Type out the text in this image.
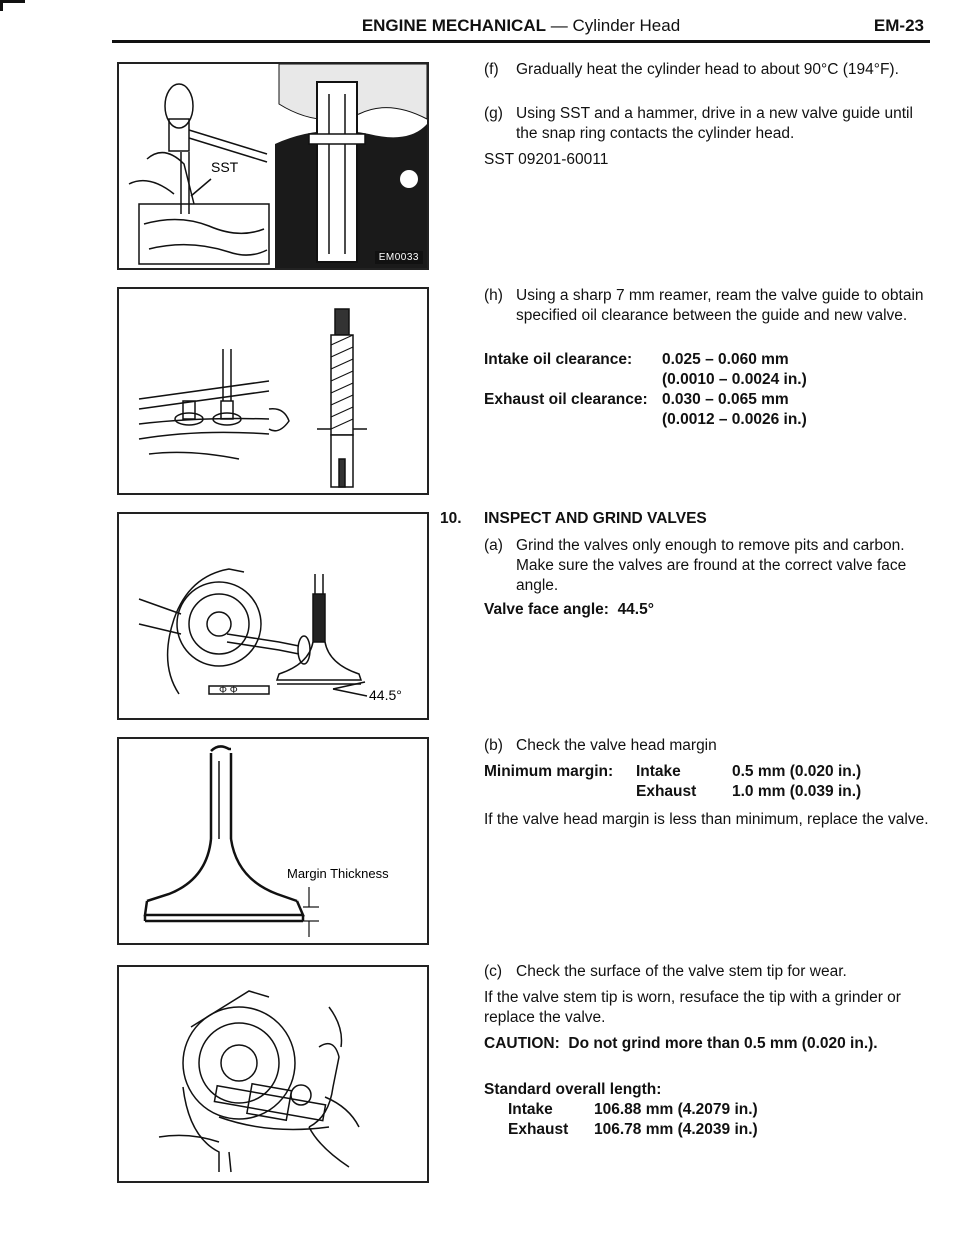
ENGINE MECHANICAL — Cylinder Head	EM-23
SST
EM0033
Φ Φ	44.5°
Margin Thickness

(f) Gradually heat the cylinder head to about 90°C (194°F).

(g) Using SST and a hammer, drive in a new valve guide until the snap ring contacts the cylinder head.

SST 09201-60011

(h) Using a sharp 7 mm reamer, ream the valve guide to obtain specified oil clearance between the guide and new valve.

Intake oil clearance: 0.025 – 0.060 mm
(0.0010 – 0.0024 in.)
Exhaust oil clearance: 0.030 – 0.065 mm
(0.0012 – 0.0026 in.)
10. INSPECT AND GRIND VALVES

(a) Grind the valves only enough to remove pits and carbon. Make sure the valves are fround at the correct valve face angle.

Valve face angle: 44.5°

(b) Check the valve head margin

Minimum margin: Intake	0.5 mm (0.020 in.)
Exhaust 1.0 mm (0.039 in.)

If the valve head margin is less than minimum, replace the valve.

(c) Check the surface of the valve stem tip for wear.

If the valve stem tip is worn, resuface the tip with a grinder or replace the valve.

CAUTION: Do not grind more than 0.5 mm (0.020 in.).

Standard overall length:
Intake	106.88 mm (4.2079 in.)
Exhaust 106.78 mm (4.2039 in.)
